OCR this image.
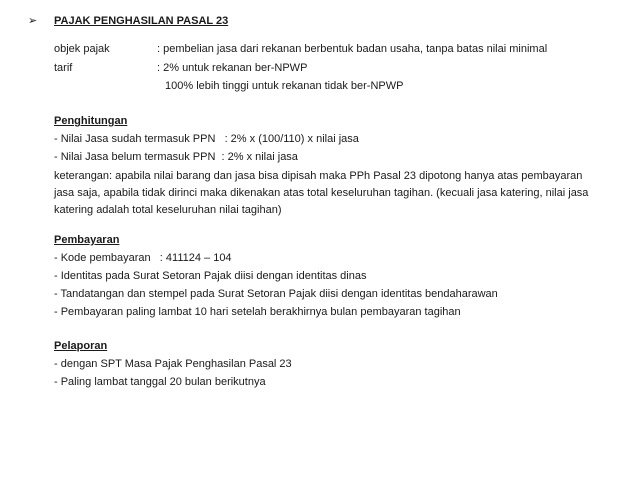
➢ PAJAK PENGHASILAN PASAL 23
objek pajak	: pembelian jasa dari rekanan berbentuk badan usaha, tanpa batas nilai minimal
tarif	: 2% untuk rekanan ber-NPWP
100% lebih tinggi untuk rekanan tidak ber-NPWP
Penghitungan
- Nilai Jasa sudah termasuk PPN   : 2% x (100/110) x nilai jasa
- Nilai Jasa belum termasuk PPN  : 2% x nilai jasa
keterangan: apabila nilai barang dan jasa bisa dipisah maka PPh Pasal 23 dipotong hanya atas pembayaran jasa saja, apabila tidak dirinci maka dikenakan atas total keseluruhan tagihan. (kecuali jasa katering, nilai jasa katering adalah total keseluruhan nilai tagihan)
Pembayaran
- Kode pembayaran   : 411124 – 104
- Identitas pada Surat Setoran Pajak diisi dengan identitas dinas
- Tandatangan dan stempel pada Surat Setoran Pajak diisi dengan identitas bendaharawan
- Pembayaran paling lambat 10 hari setelah berakhirnya bulan pembayaran tagihan
Pelaporan
- dengan SPT Masa Pajak Penghasilan Pasal 23
- Paling lambat tanggal 20 bulan berikutnya
